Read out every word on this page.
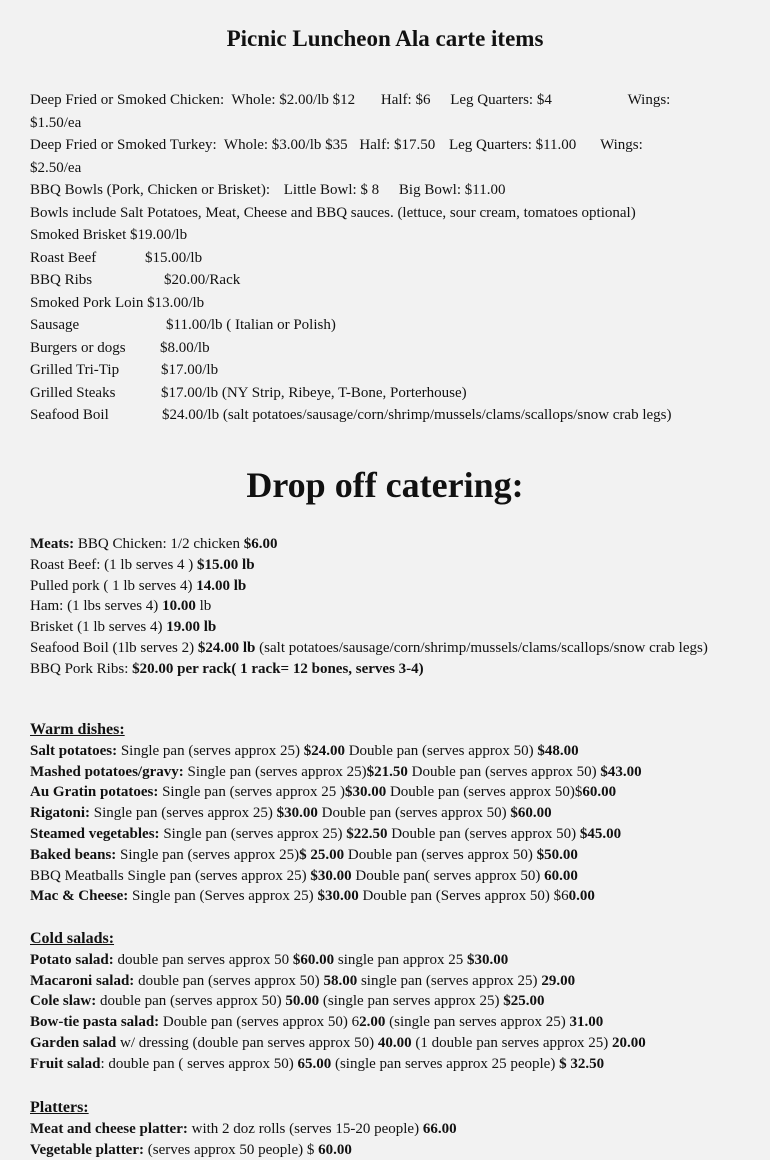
Picnic Luncheon Ala carte items
Deep Fried or Smoked Chicken: Whole: $2.00/lb $12 Half: $6 Leg Quarters: $4	Wings:
$1.50/ea
Deep Fried or Smoked Turkey: Whole: $3.00/lb $35 Half: $17.50 Leg Quarters: $11.00 Wings:
$2.50/ea
BBQ Bowls (Pork, Chicken or Brisket): Little Bowl: $ 8 Big Bowl: $11.00
Bowls include Salt Potatoes, Meat, Cheese and BBQ sauces. (lettuce, sour cream, tomatoes optional)
Smoked Brisket $19.00/lb
Roast Beef	$15.00/lb
BBQ Ribs	$20.00/Rack
Smoked Pork Loin $13.00/lb
Sausage	$11.00/lb ( Italian or Polish)
Burgers or dogs $8.00/lb
Grilled Tri-Tip	$17.00/lb
Grilled Steaks	$17.00/lb (NY Strip, Ribeye, T-Bone, Porterhouse)
Seafood Boil	$24.00/lb (salt potatoes/sausage/corn/shrimp/mussels/clams/scallops/snow crab legs)
Drop off catering:
Meats: BBQ Chicken: 1/2 chicken $6.00
Roast Beef: (1 lb serves 4 ) $15.00 lb
Pulled pork ( 1 lb serves 4) 14.00 lb
Ham: (1 lbs serves 4) 10.00 lb
Brisket (1 lb serves 4) 19.00 lb
Seafood Boil (1lb serves 2) $24.00 lb (salt potatoes/sausage/corn/shrimp/mussels/clams/scallops/snow crab legs)
BBQ Pork Ribs: $20.00 per rack( 1 rack= 12 bones, serves 3-4)
Warm dishes:
Salt potatoes: Single pan (serves approx 25) $24.00 Double pan (serves approx 50) $48.00
Mashed potatoes/gravy: Single pan (serves approx 25)$21.50 Double pan (serves approx 50) $43.00
Au Gratin potatoes: Single pan (serves approx 25 )$30.00 Double pan (serves approx 50)$60.00
Rigatoni: Single pan (serves approx 25) $30.00 Double pan (serves approx 50) $60.00
Steamed vegetables: Single pan (serves approx 25) $22.50 Double pan (serves approx 50) $45.00
Baked beans: Single pan (serves approx 25)$ 25.00 Double pan (serves approx 50) $50.00
BBQ Meatballs Single pan (serves approx 25) $30.00 Double pan( serves approx 50) 60.00
Mac & Cheese: Single pan (Serves approx 25) $30.00 Double pan (Serves approx 50) $60.00
Cold salads:
Potato salad: double pan serves approx 50 $60.00 single pan approx 25 $30.00
Macaroni salad: double pan (serves approx 50) 58.00 single pan (serves approx 25) 29.00
Cole slaw: double pan (serves approx 50) 50.00 (single pan serves approx 25) $25.00
Bow-tie pasta salad: Double pan (serves approx 50) 62.00 (single pan serves approx 25) 31.00
Garden salad w/ dressing (double pan serves approx 50) 40.00 (1 double pan serves approx 25) 20.00
Fruit salad: double pan ( serves approx 50) 65.00 (single pan serves approx 25 people) $ 32.50
Platters:
Meat and cheese platter: with 2 doz rolls (serves 15-20 people) 66.00
Vegetable platter: (serves approx 50 people) $ 60.00
